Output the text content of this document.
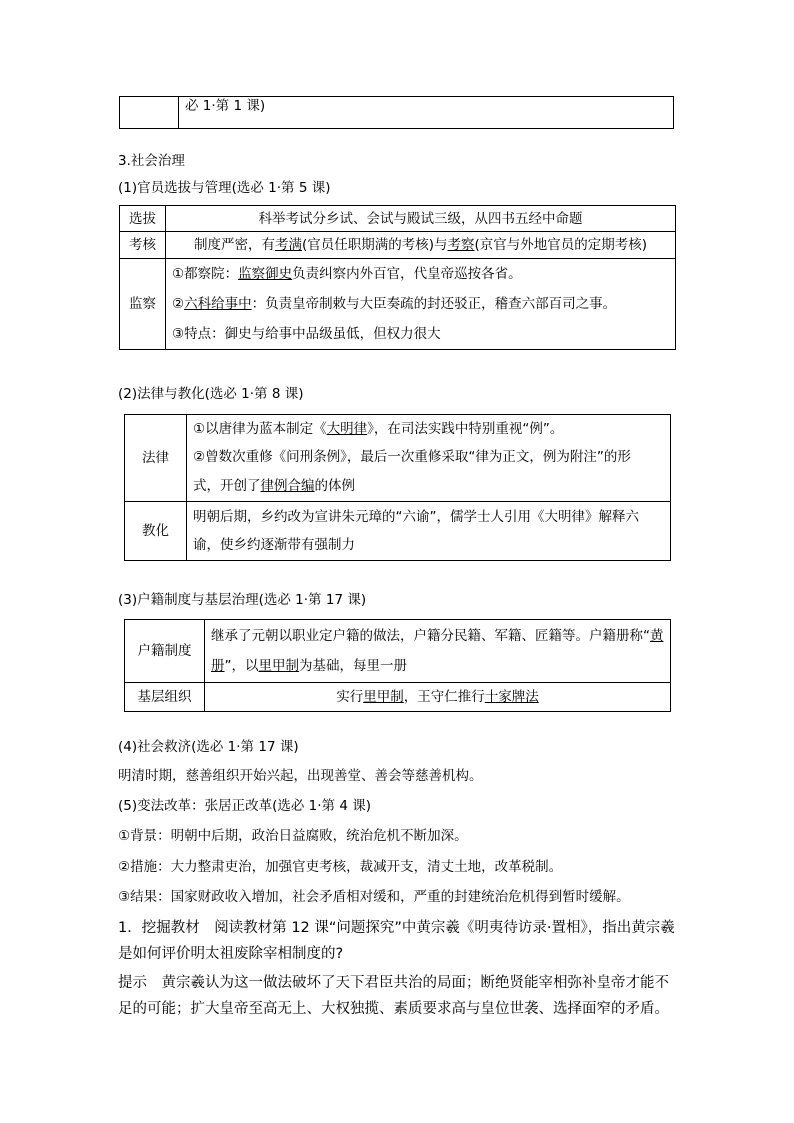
	必 1·第 1 课)
3.社会治理
(1)官员选拔与管理(选必 1·第 5 课)
选拔	科举考试分乡试、会试与殿试三级，从四书五经中命题
考核	制度严密，有考满(官员任职期满的考核)与考察(京官与外地官员的定期考核)
监察	①都察院：监察御史负责纠察内外百官，代皇帝巡按各省。
②六科给事中：负责皇帝制敕与大臣奏疏的封还驳正，稽查六部百司之事。
③特点：御史与给事中品级虽低，但权力很大
(2)法律与教化(选必 1·第 8 课)
法律	①以唐律为蓝本制定《大明律》，在司法实践中特别重视“例”。
②曾数次重修《问刑条例》，最后一次重修采取“律为正文，例为附注”的形
式，开创了律例合编的体例

教化	明朝后期，乡约改为宣讲朱元璋的“六谕”，儒学士人引用《大明律》解释六
谕，使乡约逐渐带有强制力
(3)户籍制度与基层治理(选必 1·第 17 课)
户籍制度	继承了元朝以职业定户籍的做法，户籍分民籍、军籍、匠籍等。户籍册称“黄
册”，以里甲制为基础，每里一册

基层组织	实行里甲制，王守仁推行十家牌法
(4)社会救济(选必 1·第 17 课)
明清时期，慈善组织开始兴起，出现善堂、善会等慈善机构。
(5)变法改革：张居正改革(选必 1·第 4 课)
①背景：明朝中后期，政治日益腐败，统治危机不断加深。
②措施：大力整肃吏治，加强官吏考核，裁减开支，清丈土地，改革税制。
③结果：国家财政收入增加，社会矛盾相对缓和，严重的封建统治危机得到暂时缓解。
1．挖掘教材　阅读教材第 12 课“问题探究”中黄宗羲《明夷待访录·置相》，指出黄宗羲是如何评价明太祖废除宰相制度的?
提示　黄宗羲认为这一做法破坏了天下君臣共治的局面；断绝贤能宰相弥补皇帝才能不足的可能；扩大皇帝至高无上、大权独揽、素质要求高与皇位世袭、选择面窄的矛盾。
